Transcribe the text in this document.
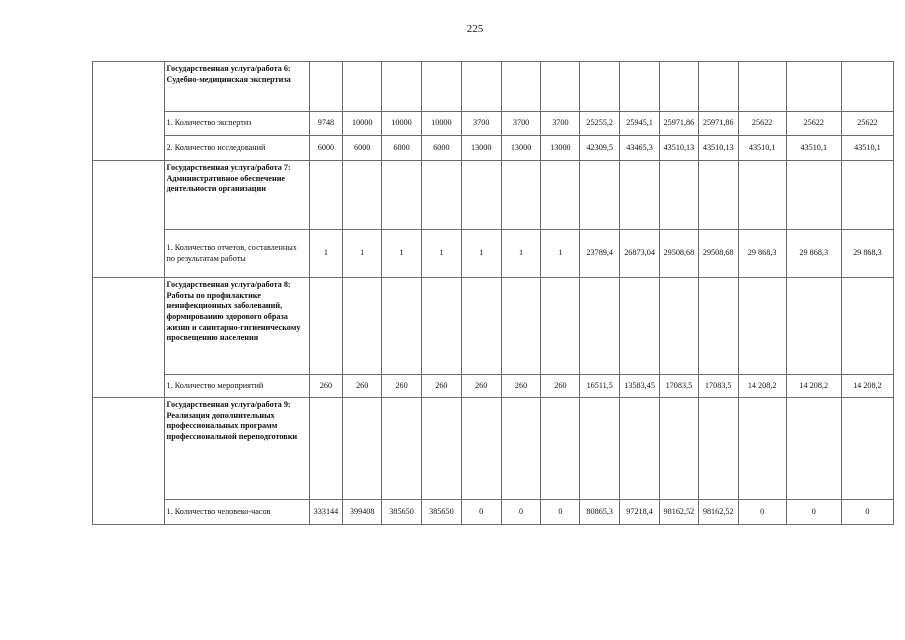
225
	Государственная услуга/работа 6: Судебно-медицинская экспертиза														
	1. Количество экспертиз	9748	10000	10000	10000	3700	3700	3700	25255,2	25945,1	25971,86	25971,86	25622	25622	25622
	2. Количество исследований	6000	6000	6000	6000	13000	13000	13000	42309,5	43465,3	43510,13	43510,13	43510,1	43510,1	43510,1
	Государственная услуга/работа 7: Административное обеспечение деятельности организации														
	1. Количество отчетов, составленных по результатам работы	1	1	1	1	1	1	1	23789,4	26873,04	29508,68	29508,68	29 868,3	29 868,3	29 868,3
	Государственная услуга/работа 8: Работы по профилактике неинфекционных заболеваний, формированию здорового образа жизни и санитарно-гигиеническому просвещению населения														
	1. Количество мероприятий	260	260	260	260	260	260	260	16511,5	13583,45	17083,5	17083,5	14 208,2	14 208,2	14 208,2
	Государственная услуга/работа 9: Реализация дополнительных профессиональных программ профессиональной переподготовки														
	1. Количество человеко-часов	333144	399408	385650	385650	0	0	0	80865,3	97218,4	98162,52	98162,52	0	0	0
